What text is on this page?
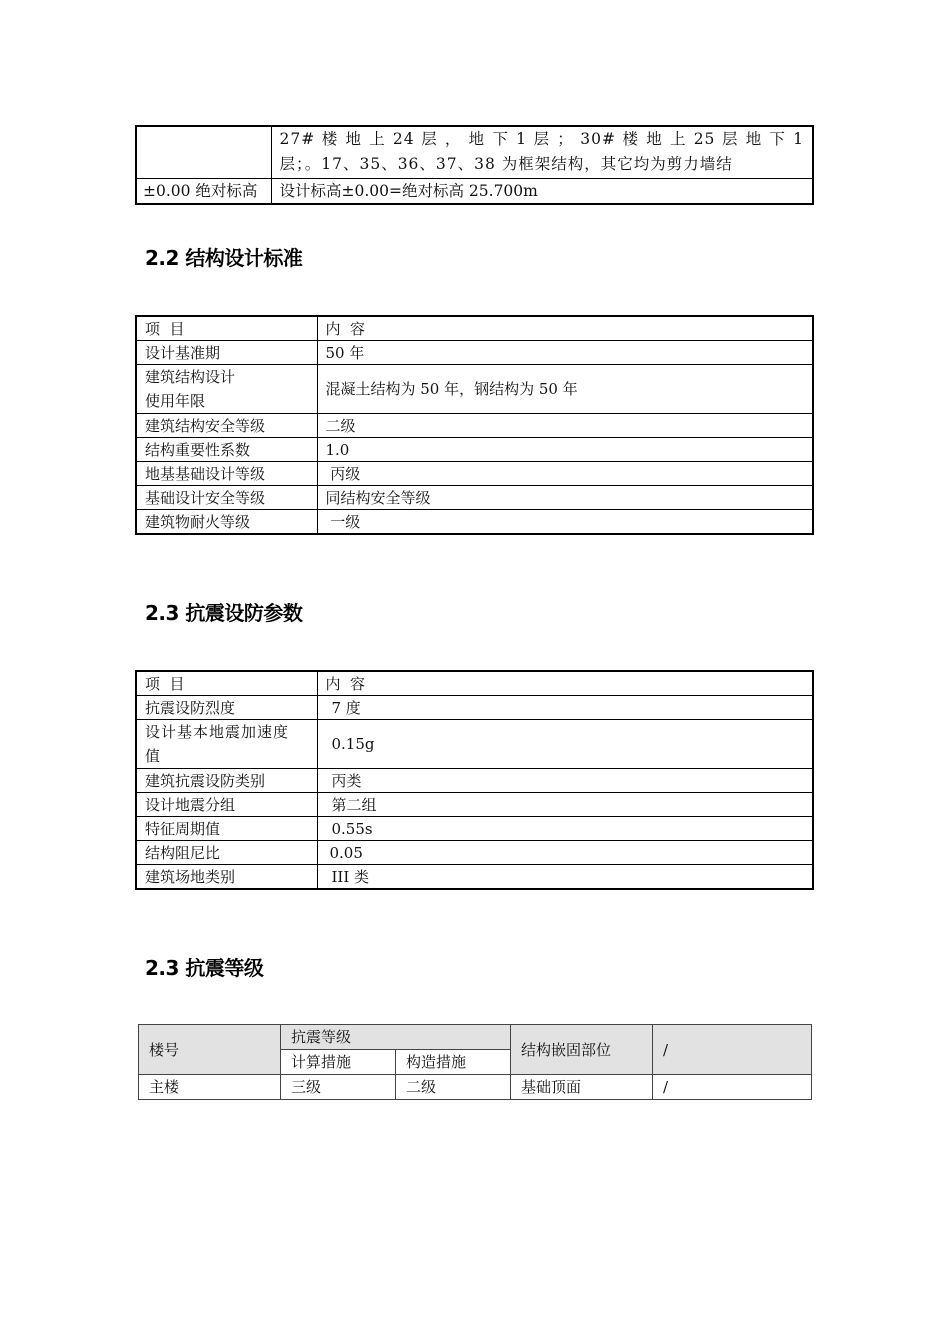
	27# 楼 地 上 24 层 ， 地 下 1 层 ； 30# 楼 地 上 25 层 地 下 1 层；。17、35、36、37、38 为框架结构，其它均为剪力墙结
±0.00 绝对标高	设计标高±0.00=绝对标高 25.700m
2.2 结构设计标准
项  目	内  容
设计基准期	50 年
建筑结构设计
使用年限	混凝土结构为 50 年，钢结构为 50 年
建筑结构安全等级	二级
结构重要性系数	1.0
地基基础设计等级	丙级
基础设计安全等级	同结构安全等级
建筑物耐火等级	一级
2.3 抗震设防参数
项  目	内  容
抗震设防烈度	7 度
设计基本地震加速度
值	0.15g
建筑抗震设防类别	丙类
设计地震分组	第二组
特征周期值	0.55s
结构阻尼比	0.05
建筑场地类别	III 类
2.3 抗震等级
楼号	抗震等级		结构嵌固部位	/
	计算措施	构造措施		
主楼	三级	二级	基础顶面	/
